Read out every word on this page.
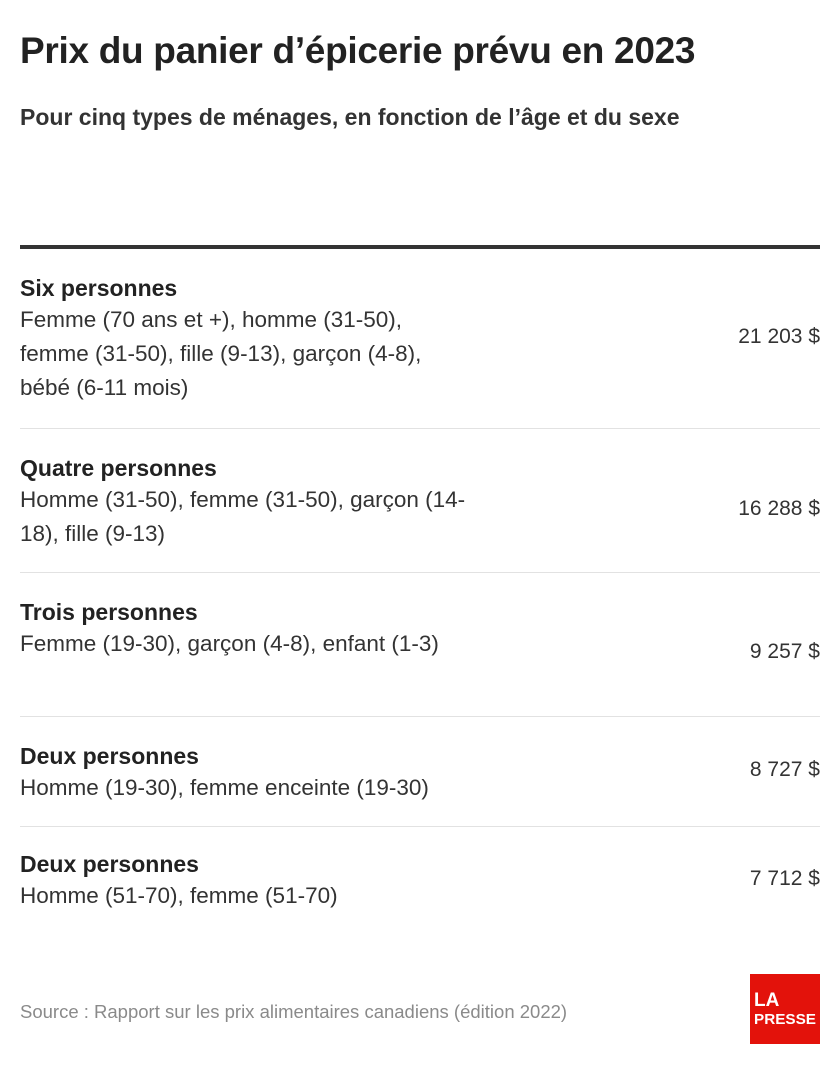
Prix du panier d’épicerie prévu en 2023
Pour cinq types de ménages, en fonction de l’âge et du sexe
Six personnes
Femme (70 ans et +), homme (31-50), femme (31-50), fille (9-13), garçon (4-8), bébé (6-11 mois)
21 203 $
Quatre personnes
Homme (31-50), femme (31-50), garçon (14-18), fille (9-13)
16 288 $
Trois personnes
Femme (19-30), garçon (4-8), enfant (1-3)	9 257 $
Deux personnes
Homme (19-30), femme enceinte (19-30)
8 727 $
Deux personnes
Homme (51-70), femme (51-70)
7 712 $
Source : Rapport sur les prix alimentaires canadiens (édition 2022)
LA
PRESSE
